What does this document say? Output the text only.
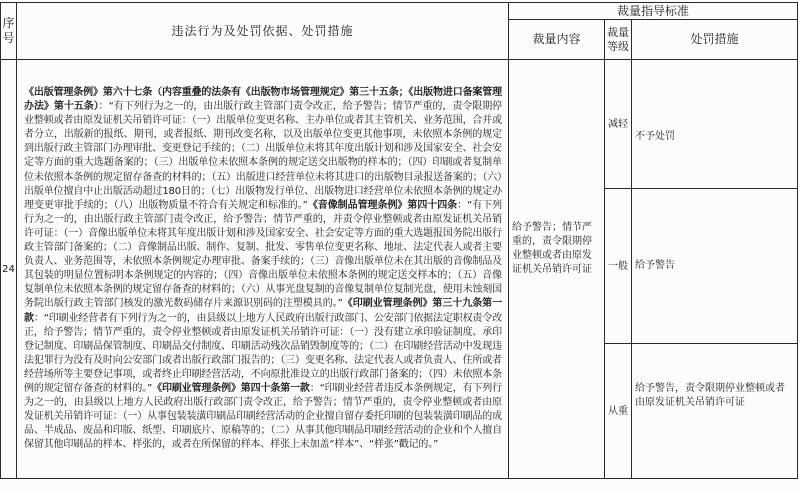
序号	违法行为及处罚依据、处罚措施	裁量指导标准		
		裁量内容	裁量等级	处罚措施
24	《出版管理条例》第六十七条（内容重叠的法条有《出版物市场管理规定》第三十五条；《出版物进口备案管理办法》第十五条）：“有下列行为之一的，由出版行政主管部门责令改正，给予警告；情节严重的，责令限期停业整顿或者由原发证机关吊销许可证：（一）出版单位变更名称、主办单位或者其主管机关、业务范围，合并或者分立，出版新的报纸、期刊，或者报纸、期刊改变名称，以及出版单位变更其他事项，未依照本条例的规定到出版行政主管部门办理审批、变更登记手续的；（二）出版单位未将其年度出版计划和涉及国家安全、社会安定等方面的重大选题备案的；（三）出版单位未依照本条例的规定送交出版物的样本的；（四）印刷或者复制单位未依照本条例的规定留存备查的材料的；（五）出版进口经营单位未将其进口的出版物目录报送备案的；（六）出版单位擅自中止出版活动超过180日的；（七）出版物发行单位、出版物进口经营单位未依照本条例的规定办理变更审批手续的；（八）出版物质量不符合有关规定和标准的。”《音像制品管理条例》第四十四条：“有下列行为之一的，由出版行政主管部门责令改正，给予警告；情节严重的，并责令停业整顿或者由原发证机关吊销许可证：（一）音像出版单位未将其年度出版计划和涉及国家安全、社会安定等方面的重大选题报国务院出版行政主管部门备案的；（二）音像制品出版、制作、复制、批发、零售单位变更名称、地址、法定代表人或者主要负责人、业务范围等，未依照本条例规定办理审批、备案手续的；（三）音像出版单位未在其出版的音像制品及其包装的明显位置标明本条例规定的内容的；（四）音像出版单位未依照本条例的规定送交样本的；（五）音像复制单位未依照本条例的规定留存备查的材料的；（六）从事光盘复制的音像复制单位复制光盘，使用未蚀刻国务院出版行政主管部门核发的激光数码储存片来源识别码的注塑模具的。”《印刷业管理条例》第三十九条第一款：“印刷业经营者有下列行为之一的，由县级以上地方人民政府出版行政部门、公安部门依据法定职权责令改正，给予警告；情节严重的，责令停业整顿或者由原发证机关吊销许可证：（一）没有建立承印验证制度、承印登记制度、印刷品保管制度、印刷品交付制度、印刷活动残次品销毁制度等的；（二）在印刷经营活动中发现违法犯罪行为没有及时向公安部门或者出版行政部门报告的；（三）变更名称、法定代表人或者负责人、住所或者经营场所等主要登记事项，或者终止印刷经营活动，不向原批准设立的出版行政部门备案的；（四）未依照本条例的规定留存备查的材料的。”《印刷业管理条例》第四十条第一款：“印刷业经营者违反本条例规定，有下列行为之一的，由县级以上地方人民政府出版行政部门责令改正，给予警告；情节严重的，责令停业整顿或者由原发证机关吊销许可证：（一）从事包装装潢印刷品印刷经营活动的企业擅自留存委托印刷的包装装潢印刷品的成品、半成品、废品和印版、纸型、印刷底片、原稿等的；（二）从事其他印刷品印刷经营活动的企业和个人擅自保留其他印刷品的样本、样张的，或者在所保留的样本、样张上未加盖“样本”、“样张”戳记的。”	给予警告；情节严重的，责令限期停业整顿或者由原发证机关吊销许可证	减轻	不予处罚
			一般	给予警告
			从重	给予警告，责令限期停业整顿或者由原发证机关吊销许可证
